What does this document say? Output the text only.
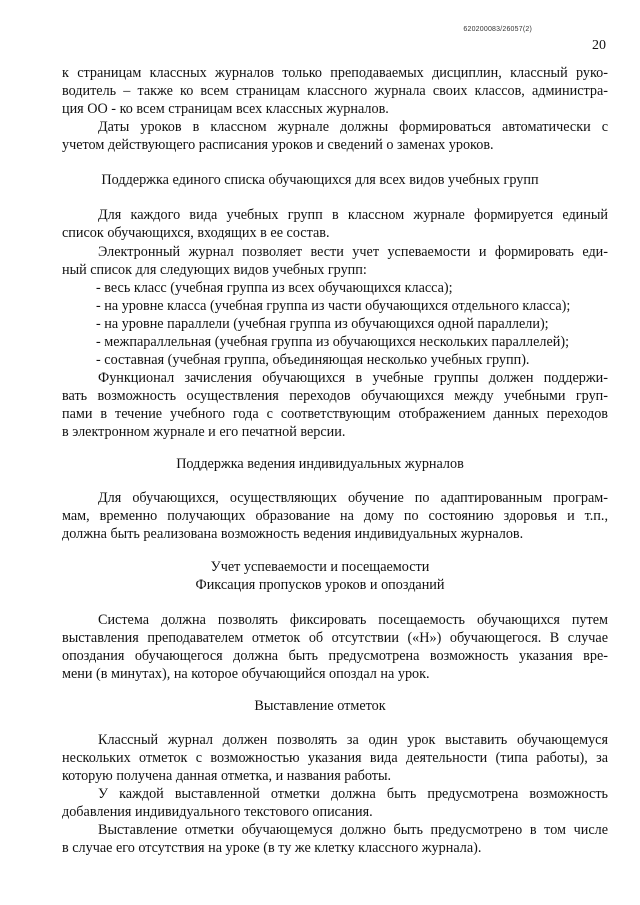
620200083/26057(2)
20
к страницам классных журналов только преподаваемых дисциплин, классный руко-
водитель – также ко всем страницам классного журнала своих классов, администра-
ция ОО - ко всем страницам всех классных журналов.
Даты уроков в классном журнале должны формироваться автоматически с
учетом действующего расписания уроков и сведений о заменах уроков.
Поддержка единого списка обучающихся для всех видов учебных групп
Для каждого вида учебных групп в классном журнале формируется единый
список обучающихся, входящих в ее состав.
Электронный журнал позволяет вести учет успеваемости и формировать еди-
ный список для следующих видов учебных групп:
- весь класс (учебная группа из всех обучающихся класса);
- на уровне класса (учебная группа из части обучающихся отдельного класса);
- на уровне параллели (учебная группа из обучающихся одной параллели);
- межпараллельная (учебная группа из обучающихся нескольких параллелей);
- составная (учебная группа, объединяющая несколько учебных групп).
Функционал зачисления обучающихся в учебные группы должен поддержи-
вать возможность осуществления переходов обучающихся между учебными груп-
пами в течение учебного года с соответствующим отображением данных переходов
в электронном журнале и его печатной версии.
Поддержка ведения индивидуальных журналов
Для обучающихся, осуществляющих обучение по адаптированным програм-
мам, временно получающих образование на дому по состоянию здоровья и т.п.,
должна быть реализована возможность ведения индивидуальных журналов.
Учет успеваемости и посещаемости
Фиксация пропусков уроков и опозданий
Система должна позволять фиксировать посещаемость обучающихся путем
выставления преподавателем отметок об отсутствии («Н») обучающегося. В случае
опоздания обучающегося должна быть предусмотрена возможность указания вре-
мени (в минутах), на которое обучающийся опоздал на урок.
Выставление отметок
Классный журнал должен позволять за один урок выставить обучающемуся
нескольких отметок с возможностью указания вида деятельности (типа работы), за
которую получена данная отметка, и названия работы.
У каждой выставленной отметки должна быть предусмотрена возможность
добавления индивидуального текстового описания.
Выставление отметки обучающемуся должно быть предусмотрено в том числе
в случае его отсутствия на уроке (в ту же клетку классного журнала).
